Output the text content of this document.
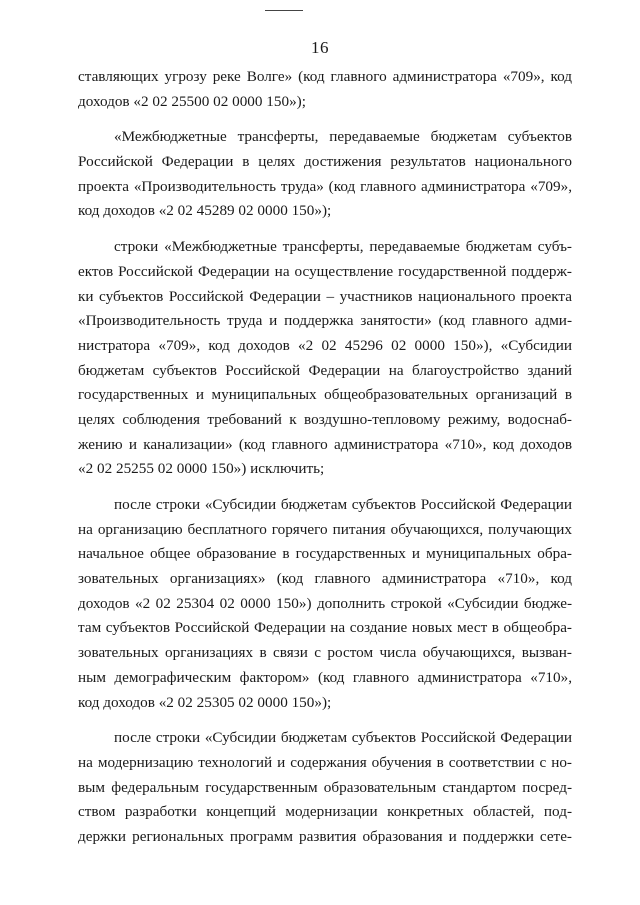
16
ставляющих угрозу реке Волге» (код главного администратора «709», код
доходов «2 02 25500 02 0000 150»);
«Межбюджетные трансферты, передаваемые бюджетам субъектов
Российской Федерации в целях достижения результатов национального
проекта «Производительность труда» (код главного администратора «709»,
код доходов «2 02 45289 02 0000 150»);
строки «Межбюджетные трансферты, передаваемые бюджетам субъ-
ектов Российской Федерации на осуществление государственной поддерж-
ки субъектов Российской Федерации – участников национального проекта
«Производительность труда и поддержка занятости» (код главного адми-
нистратора «709», код доходов «2 02 45296 02 0000 150»), «Субсидии
бюджетам субъектов Российской Федерации на благоустройство зданий
государственных и муниципальных общеобразовательных организаций в
целях соблюдения требований к воздушно-тепловому режиму, водоснаб-
жению и канализации» (код главного администратора «710», код доходов
«2 02 25255 02 0000 150») исключить;
после строки «Субсидии бюджетам субъектов Российской Федерации
на организацию бесплатного горячего питания обучающихся, получающих
начальное общее образование в государственных и муниципальных обра-
зовательных организациях» (код главного администратора «710», код
доходов «2 02 25304 02 0000 150») дополнить строкой «Субсидии бюдже-
там субъектов Российской Федерации на создание новых мест в общеобра-
зовательных организациях в связи с ростом числа обучающихся, вызван-
ным демографическим фактором» (код главного администратора «710»,
код доходов «2 02 25305 02 0000 150»);
после строки «Субсидии бюджетам субъектов Российской Федерации
на модернизацию технологий и содержания обучения в соответствии с но-
вым федеральным государственным образовательным стандартом посред-
ством разработки концепций модернизации конкретных областей, под-
держки региональных программ развития образования и поддержки сете-
